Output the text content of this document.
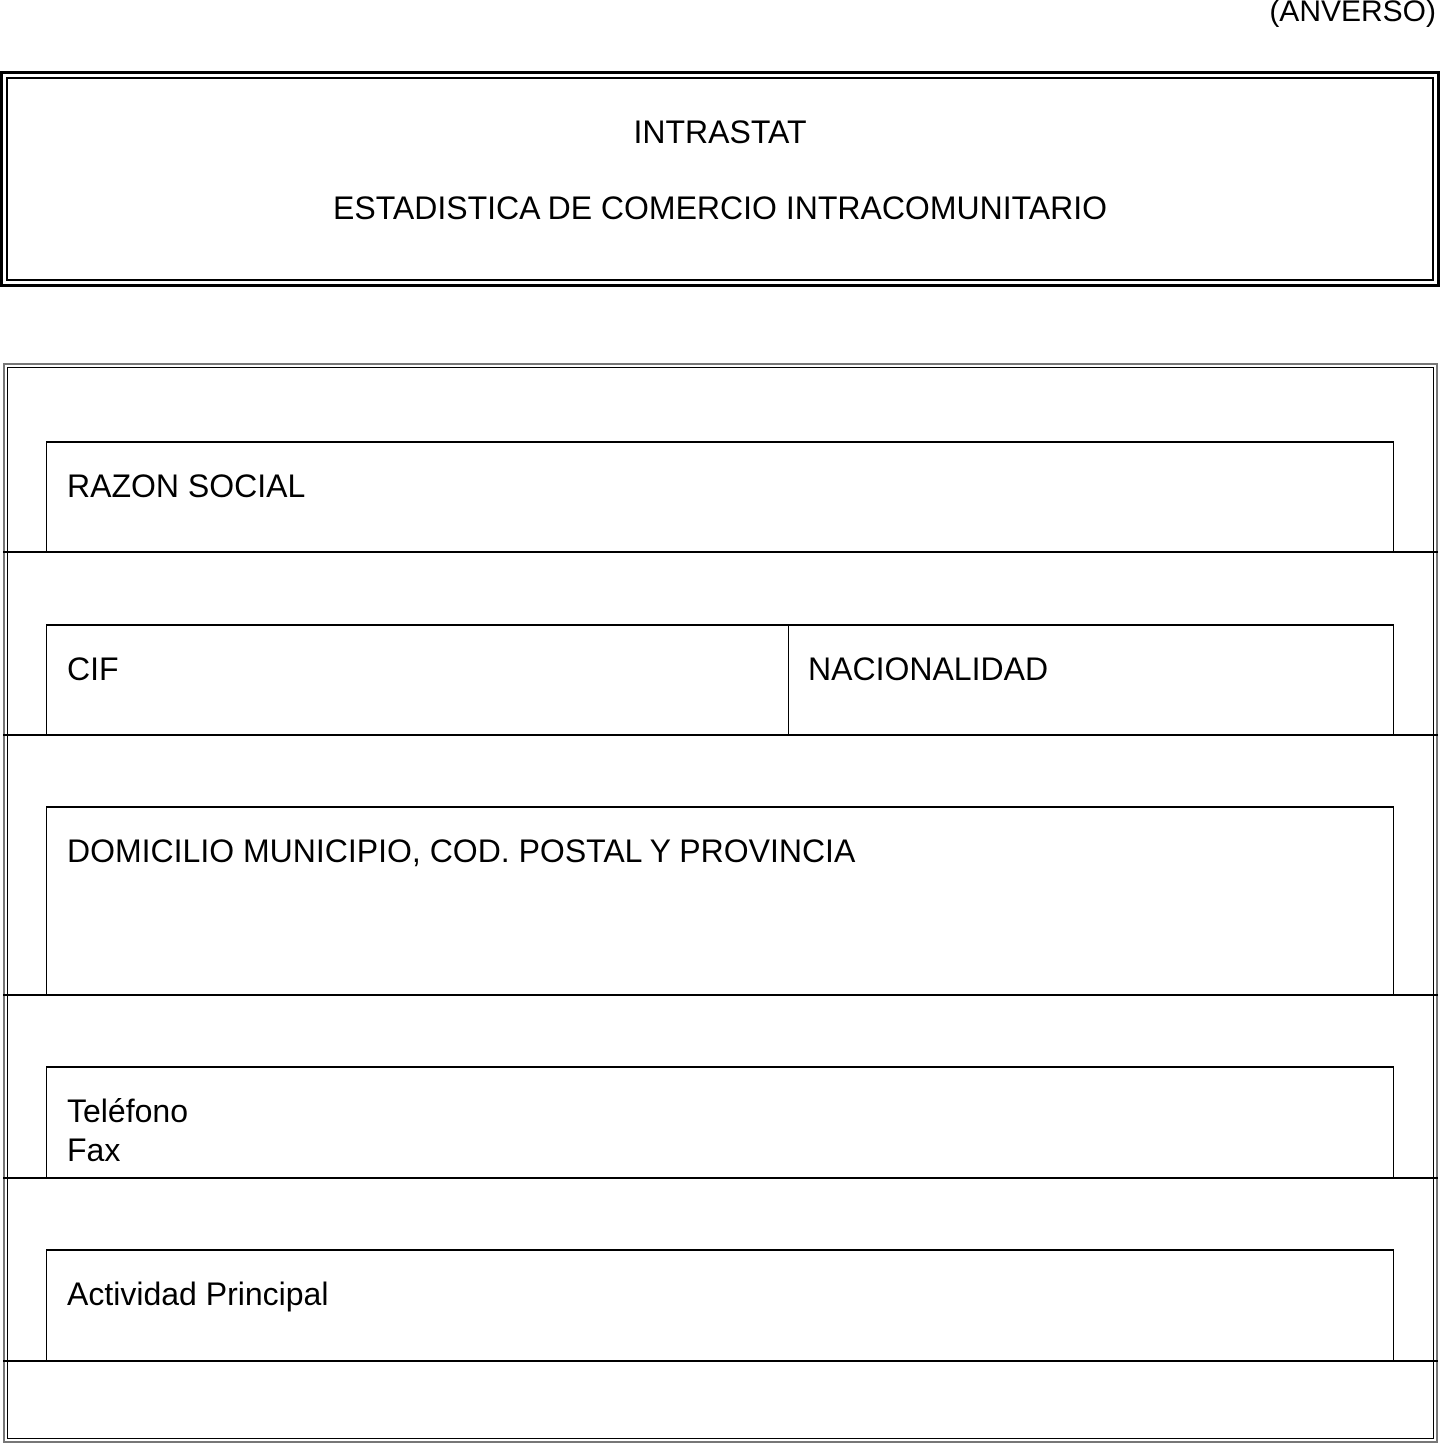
(ANVERSO)
INTRASTAT
ESTADISTICA DE COMERCIO INTRACOMUNITARIO
RAZON SOCIAL
CIF	NACIONALIDAD
DOMICILIO MUNICIPIO, COD. POSTAL Y PROVINCIA
Teléfono
Fax
Actividad Principal
